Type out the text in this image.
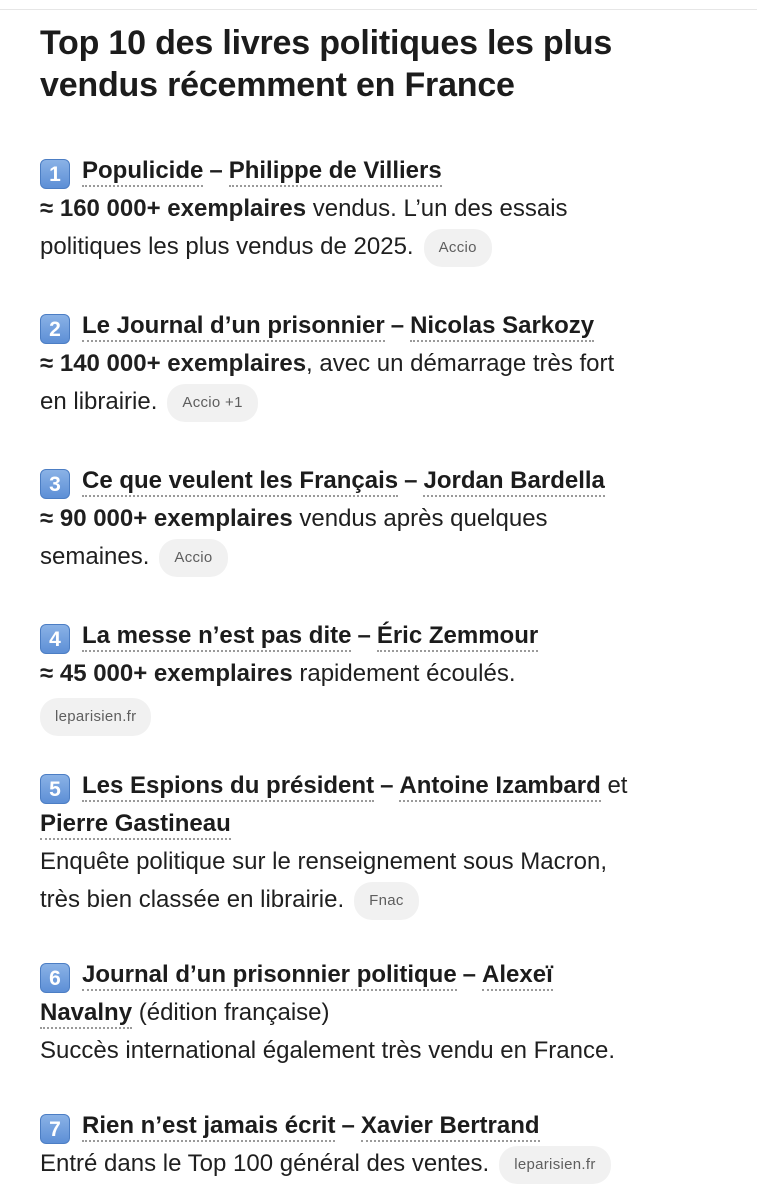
Top 10 des livres politiques les plus
vendus récemment en France
1 Populicide – Philippe de Villiers
≈ 160 000+ exemplaires vendus. L’un des essais
politiques les plus vendus de 2025. Accio
2 Le Journal d’un prisonnier – Nicolas Sarkozy
≈ 140 000+ exemplaires, avec un démarrage très fort
en librairie. Accio +1
3 Ce que veulent les Français – Jordan Bardella
≈ 90 000+ exemplaires vendus après quelques
semaines. Accio
4 La messe n’est pas dite – Éric Zemmour
≈ 45 000+ exemplaires rapidement écoulés.
leparisien.fr
5 Les Espions du président – Antoine Izambard et
Pierre Gastineau
Enquête politique sur le renseignement sous Macron,
très bien classée en librairie. Fnac
6 Journal d’un prisonnier politique – Alexeï
Navalny (édition française)
Succès international également très vendu en France.
7 Rien n’est jamais écrit – Xavier Bertrand
Entré dans le Top 100 général des ventes. leparisien.fr
